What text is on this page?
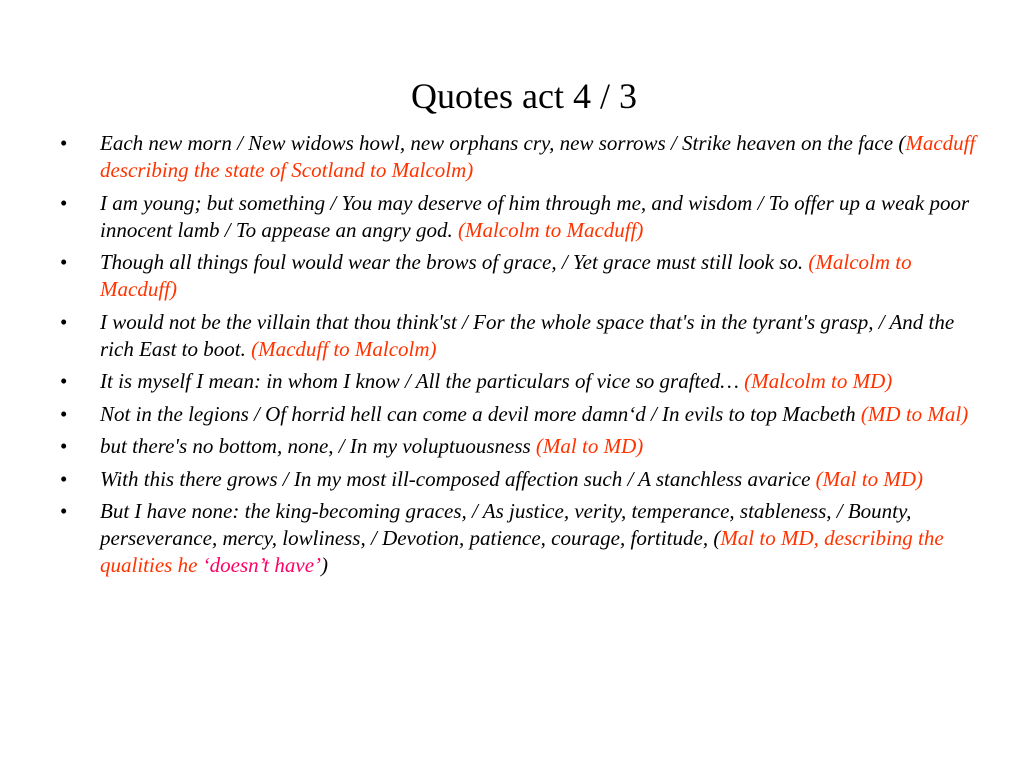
Quotes act 4 / 3
• Each new morn / New widows howl, new orphans cry, new sorrows / Strike heaven on the face (Macduff describing the state of Scotland to Malcolm)
• I am young; but something / You may deserve of him through me, and wisdom / To offer up a weak poor innocent lamb / To appease an angry god. (Malcolm to Macduff)
• Though all things foul would wear the brows of grace, / Yet grace must still look so. (Malcolm to Macduff)
• I would not be the villain that thou think'st / For the whole space that's in the tyrant's grasp, / And the rich East to boot. (Macduff to Malcolm)
• It is myself I mean: in whom I know / All the particulars of vice so grafted… (Malcolm to MD)
• Not in the legions / Of horrid hell can come a devil more damn‘d / In evils to top Macbeth (MD to Mal)
• but there's no bottom, none, / In my voluptuousness (Mal to MD)
• With this there grows / In my most ill-composed affection such / A stanchless avarice (Mal to MD)
• But I have none: the king-becoming graces, / As justice, verity, temperance, stableness, / Bounty, perseverance, mercy, lowliness, / Devotion, patience, courage, fortitude, (Mal to MD, describing the qualities he ‘doesn’t have’)
